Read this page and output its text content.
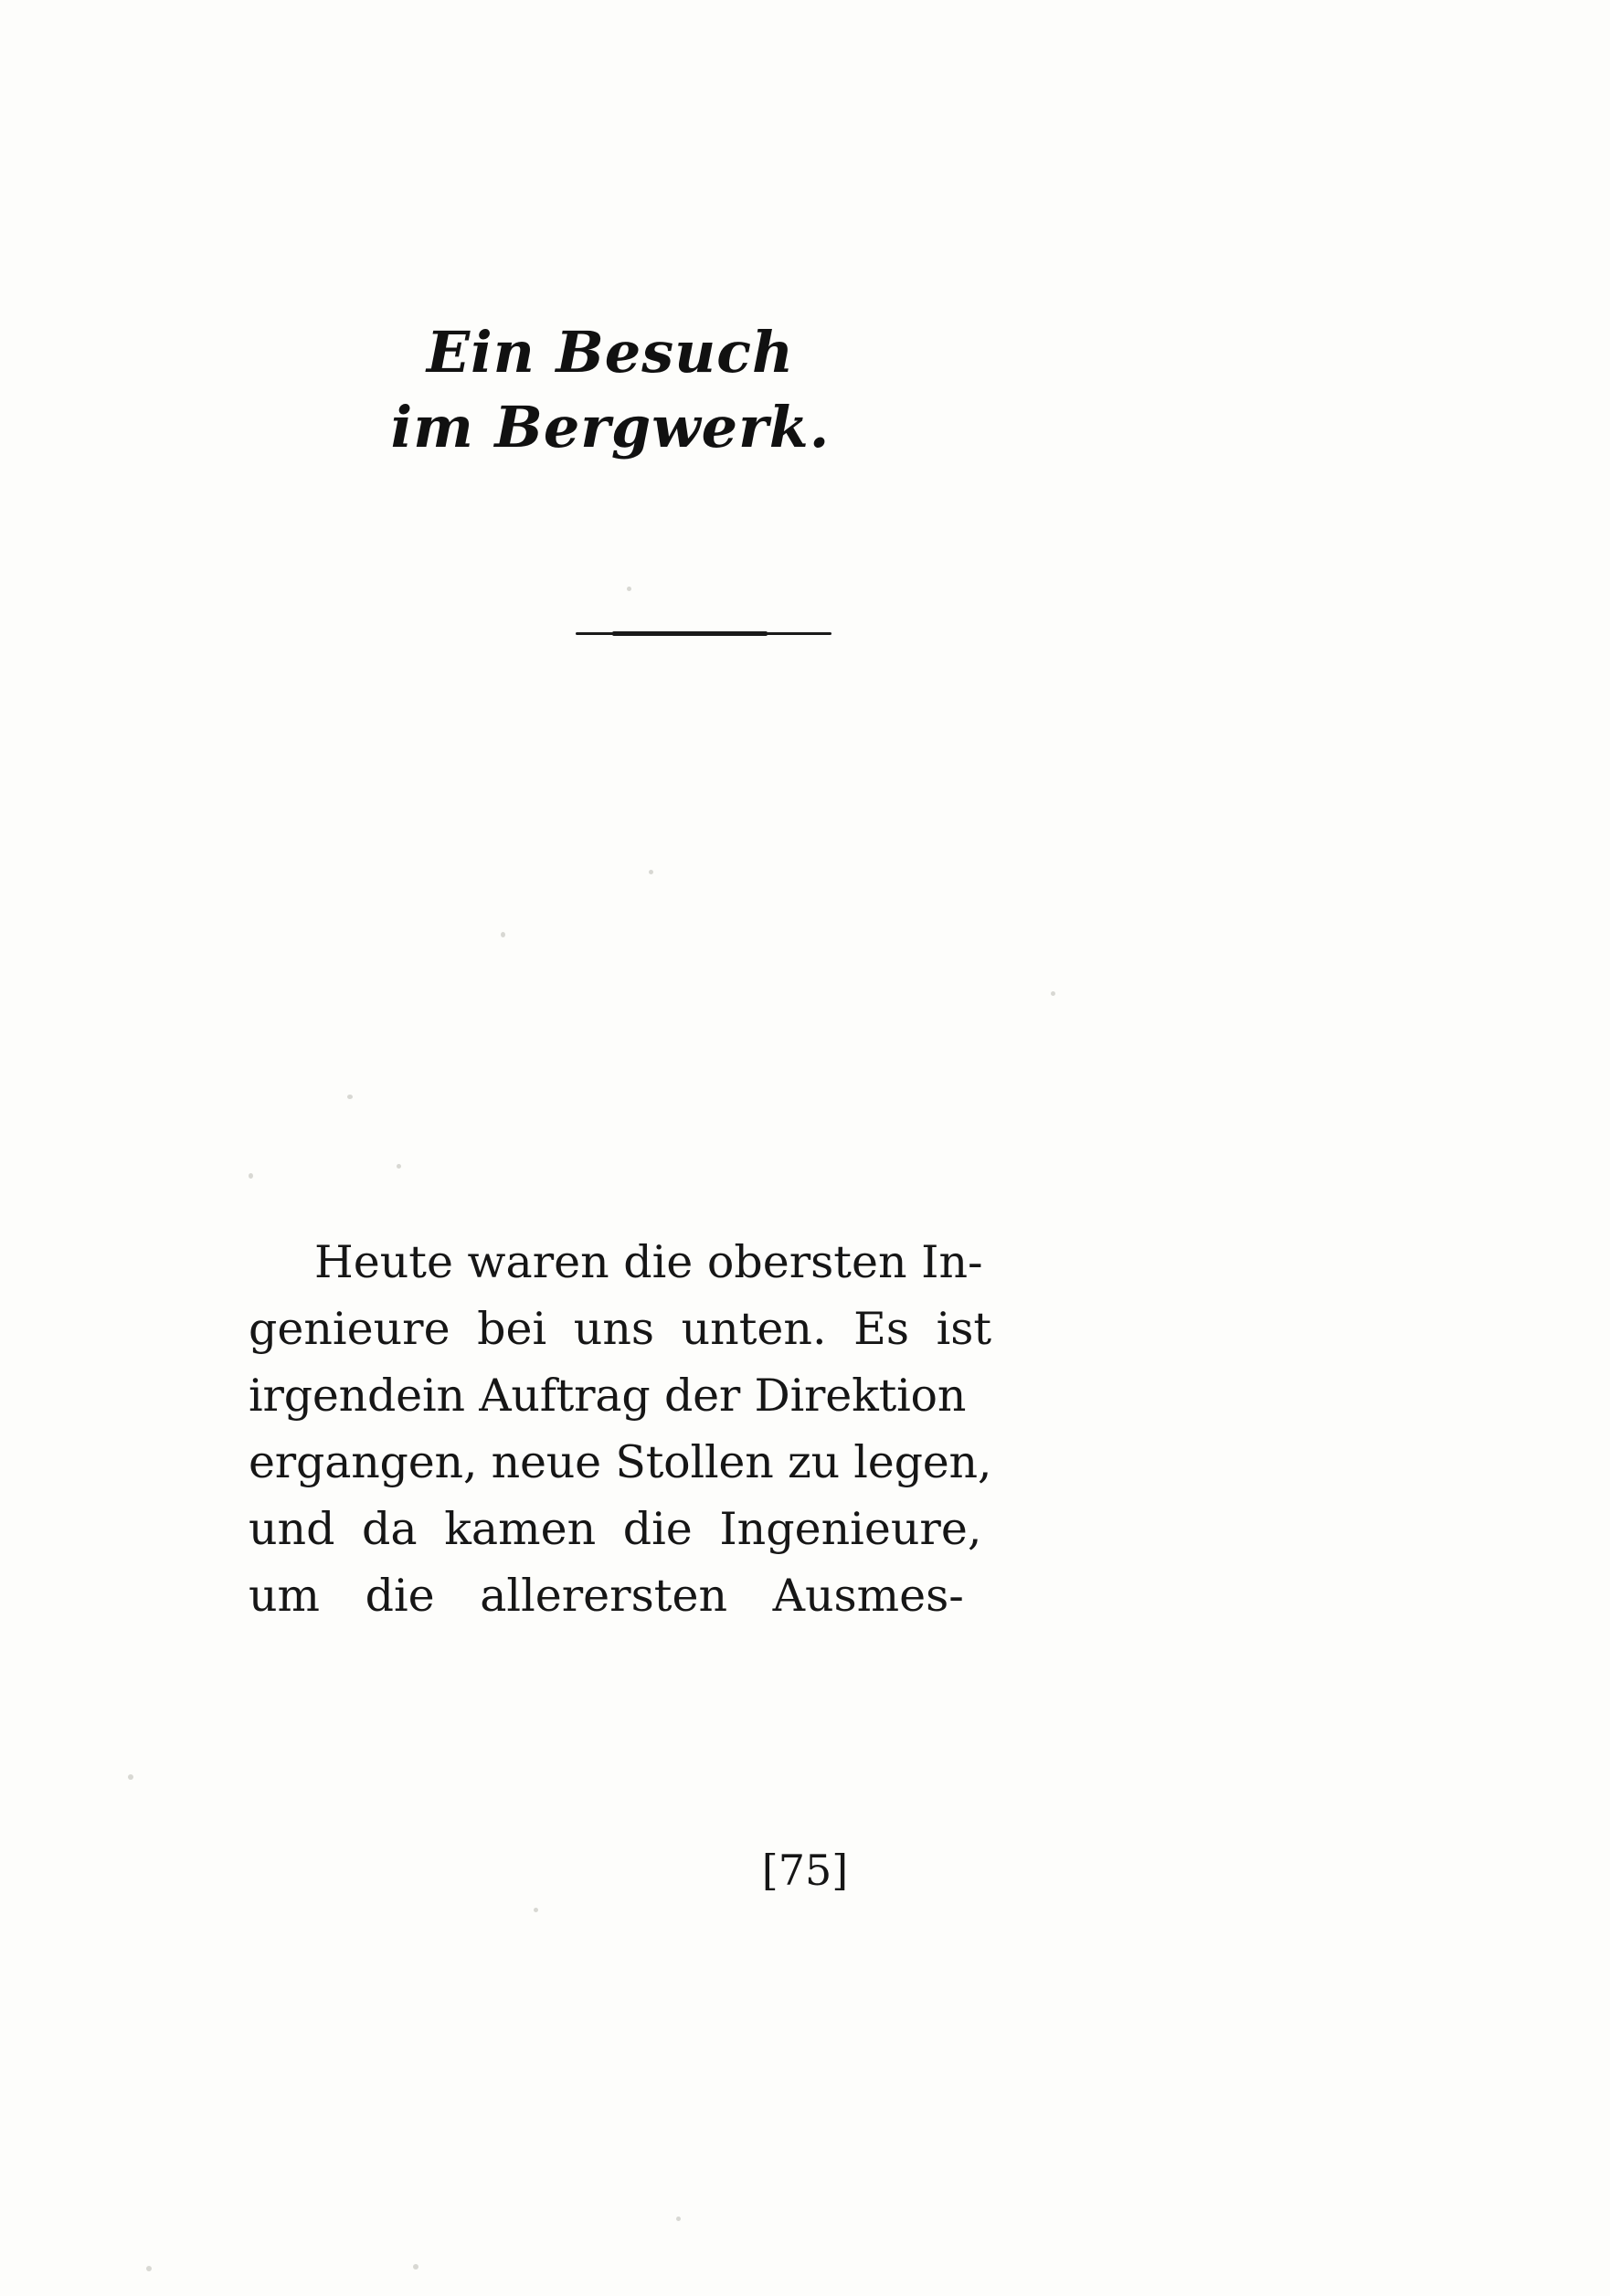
Ein Besuch
im Bergwerk.
Heute waren die obersten In-
genieure bei uns unten. Es ist
irgendein Auftrag der Direktion
ergangen, neue Stollen zu legen,
und da kamen die Ingenieure,
um die allerersten Ausmes-
[75]
